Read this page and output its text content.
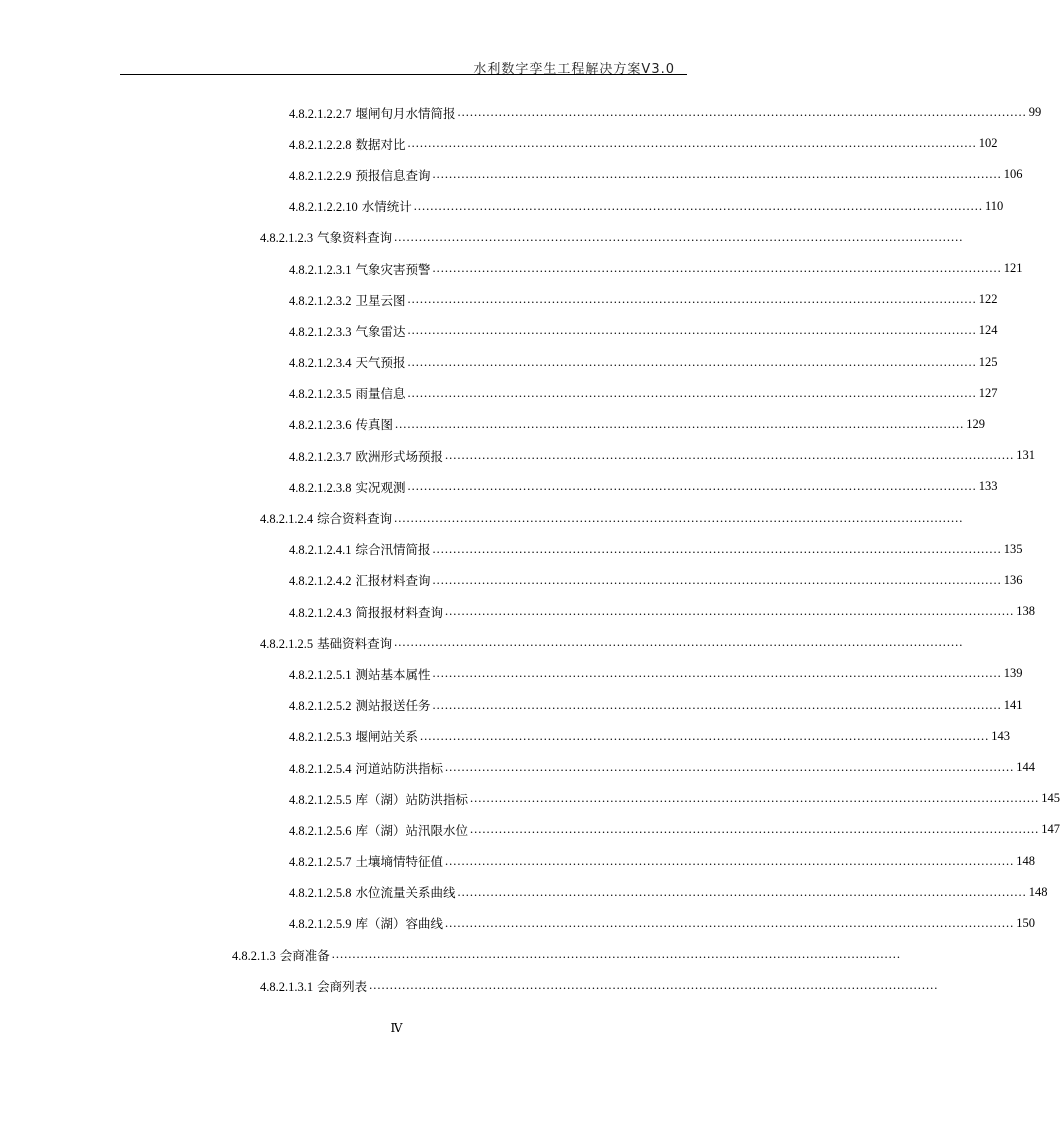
水利数字孪生工程解决方案V3.0
4.8.2.1.2.2.7 堰闸旬月水情简报 .......................................................................................................................................... 99
4.8.2.1.2.2.8 数据对比 .......................................................................................................................................... 102
4.8.2.1.2.2.9 预报信息查询 .......................................................................................................................................... 106
4.8.2.1.2.2.10 水情统计 .......................................................................................................................................... 110
4.8.2.1.2.3 气象资料查询 ..........................................................................................................................................
4.8.2.1.2.3.1 气象灾害预警 .......................................................................................................................................... 121
4.8.2.1.2.3.2 卫星云图 .......................................................................................................................................... 122
4.8.2.1.2.3.3 气象雷达 .......................................................................................................................................... 124
4.8.2.1.2.3.4 天气预报 .......................................................................................................................................... 125
4.8.2.1.2.3.5 雨量信息 .......................................................................................................................................... 127
4.8.2.1.2.3.6 传真图 .......................................................................................................................................... 129
4.8.2.1.2.3.7 欧洲形式场预报 .......................................................................................................................................... 131
4.8.2.1.2.3.8 实况观测 .......................................................................................................................................... 133
4.8.2.1.2.4 综合资料查询 ..........................................................................................................................................
4.8.2.1.2.4.1 综合汛情简报 .......................................................................................................................................... 135
4.8.2.1.2.4.2 汇报材料查询 .......................................................................................................................................... 136
4.8.2.1.2.4.3 简报报材料查询 .......................................................................................................................................... 138
4.8.2.1.2.5 基础资料查询 ..........................................................................................................................................
4.8.2.1.2.5.1 测站基本属性 .......................................................................................................................................... 139
4.8.2.1.2.5.2 测站报送任务 .......................................................................................................................................... 141
4.8.2.1.2.5.3 堰闸站关系 .......................................................................................................................................... 143
4.8.2.1.2.5.4 河道站防洪指标 .......................................................................................................................................... 144
4.8.2.1.2.5.5 库（湖）站防洪指标 .......................................................................................................................................... 145
4.8.2.1.2.5.6 库（湖）站汛限水位 .......................................................................................................................................... 147
4.8.2.1.2.5.7 土壤墒情特征值 .......................................................................................................................................... 148
4.8.2.1.2.5.8 水位流量关系曲线 .......................................................................................................................................... 148
4.8.2.1.2.5.9 库（湖）容曲线 .......................................................................................................................................... 150
4.8.2.1.3 会商准备 ..........................................................................................................................................
4.8.2.1.3.1 会商列表 ..........................................................................................................................................
Ⅳ
